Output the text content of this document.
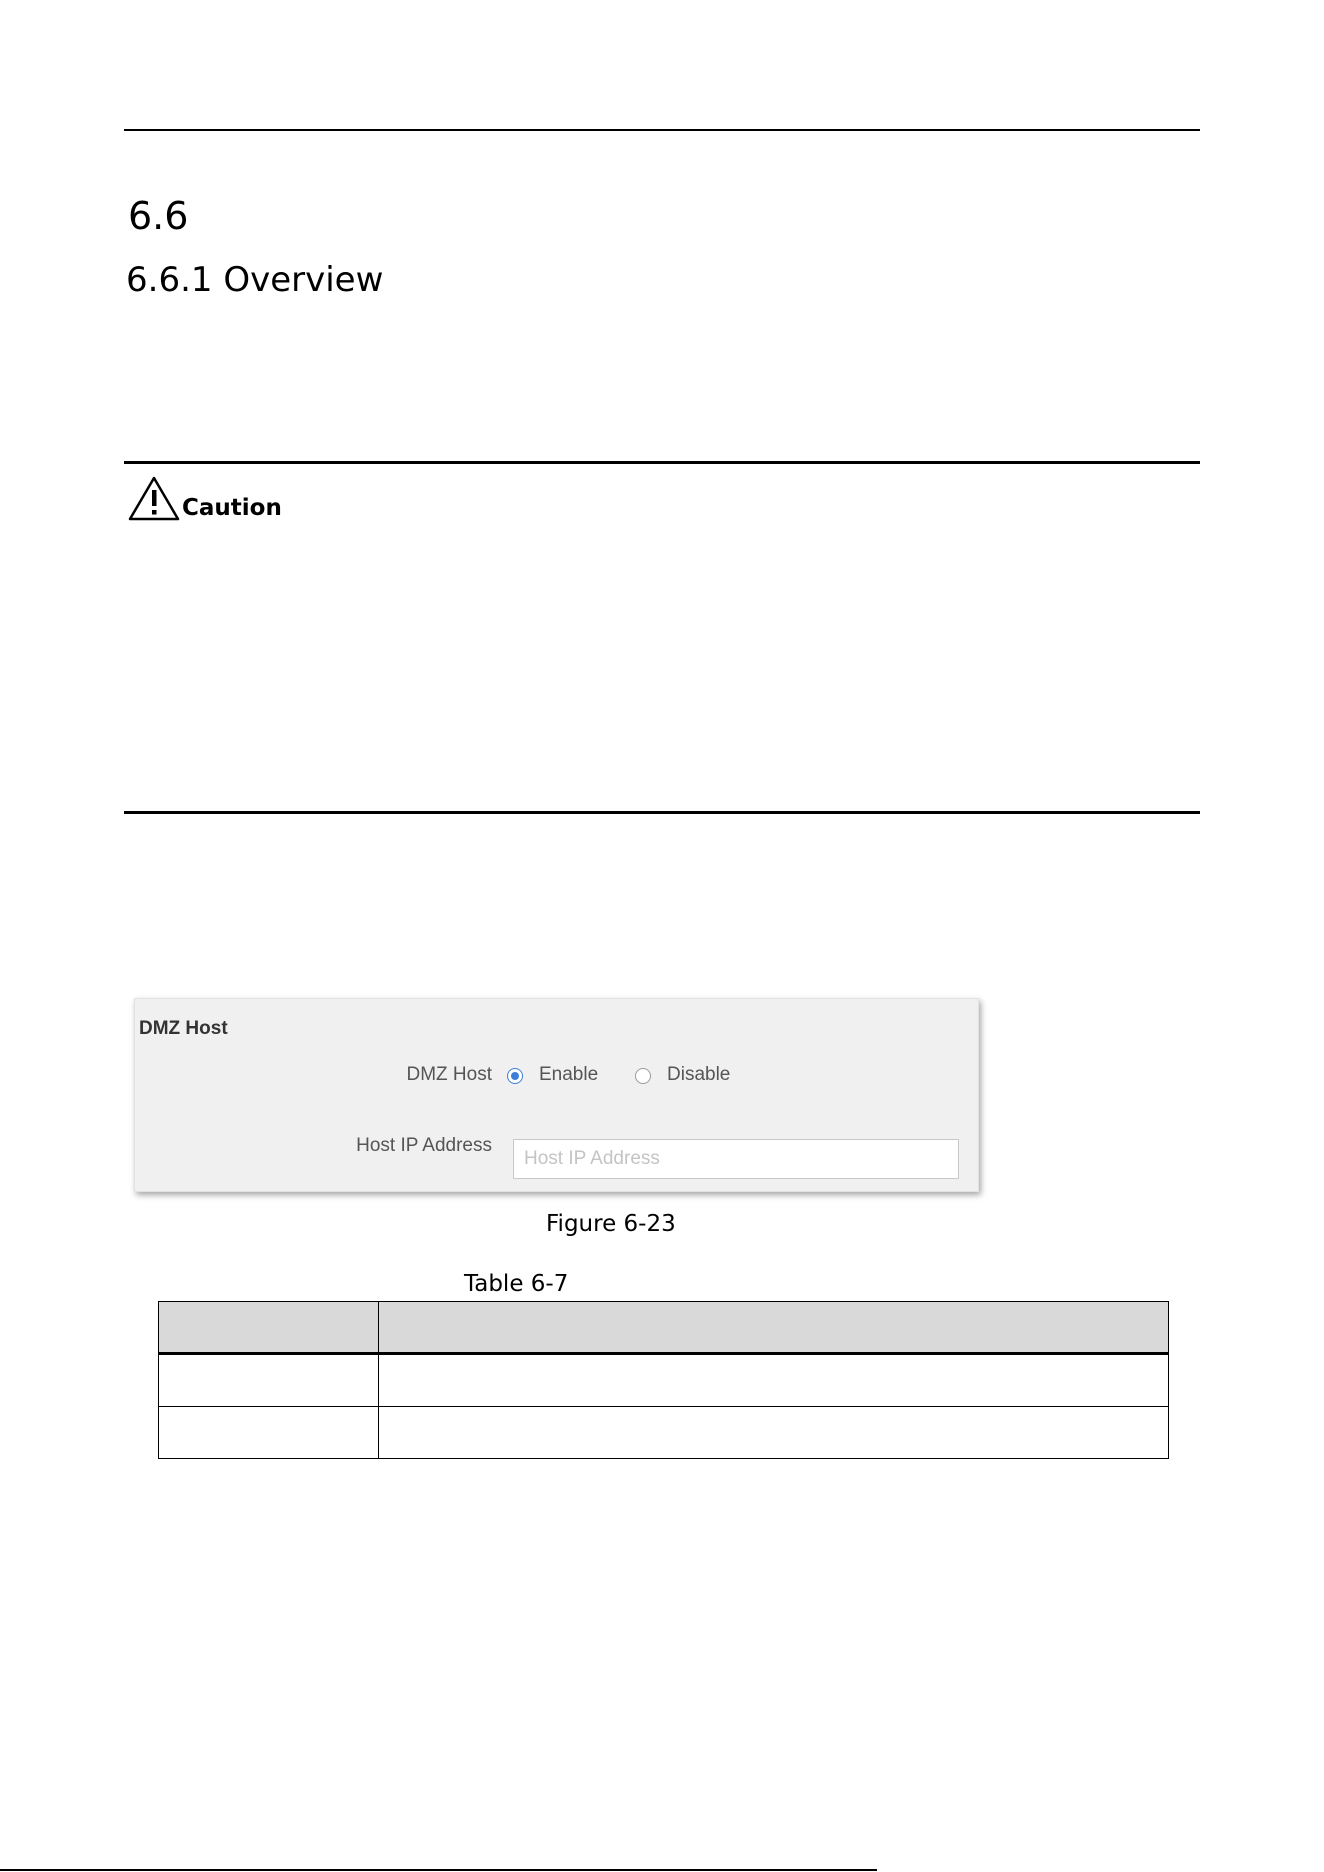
6.6
6.6.1 Overview
Caution
DMZ Host
DMZ Host Enable	Disable
Host IP Address
Host IP Address
Figure 6-23
Table 6-7
